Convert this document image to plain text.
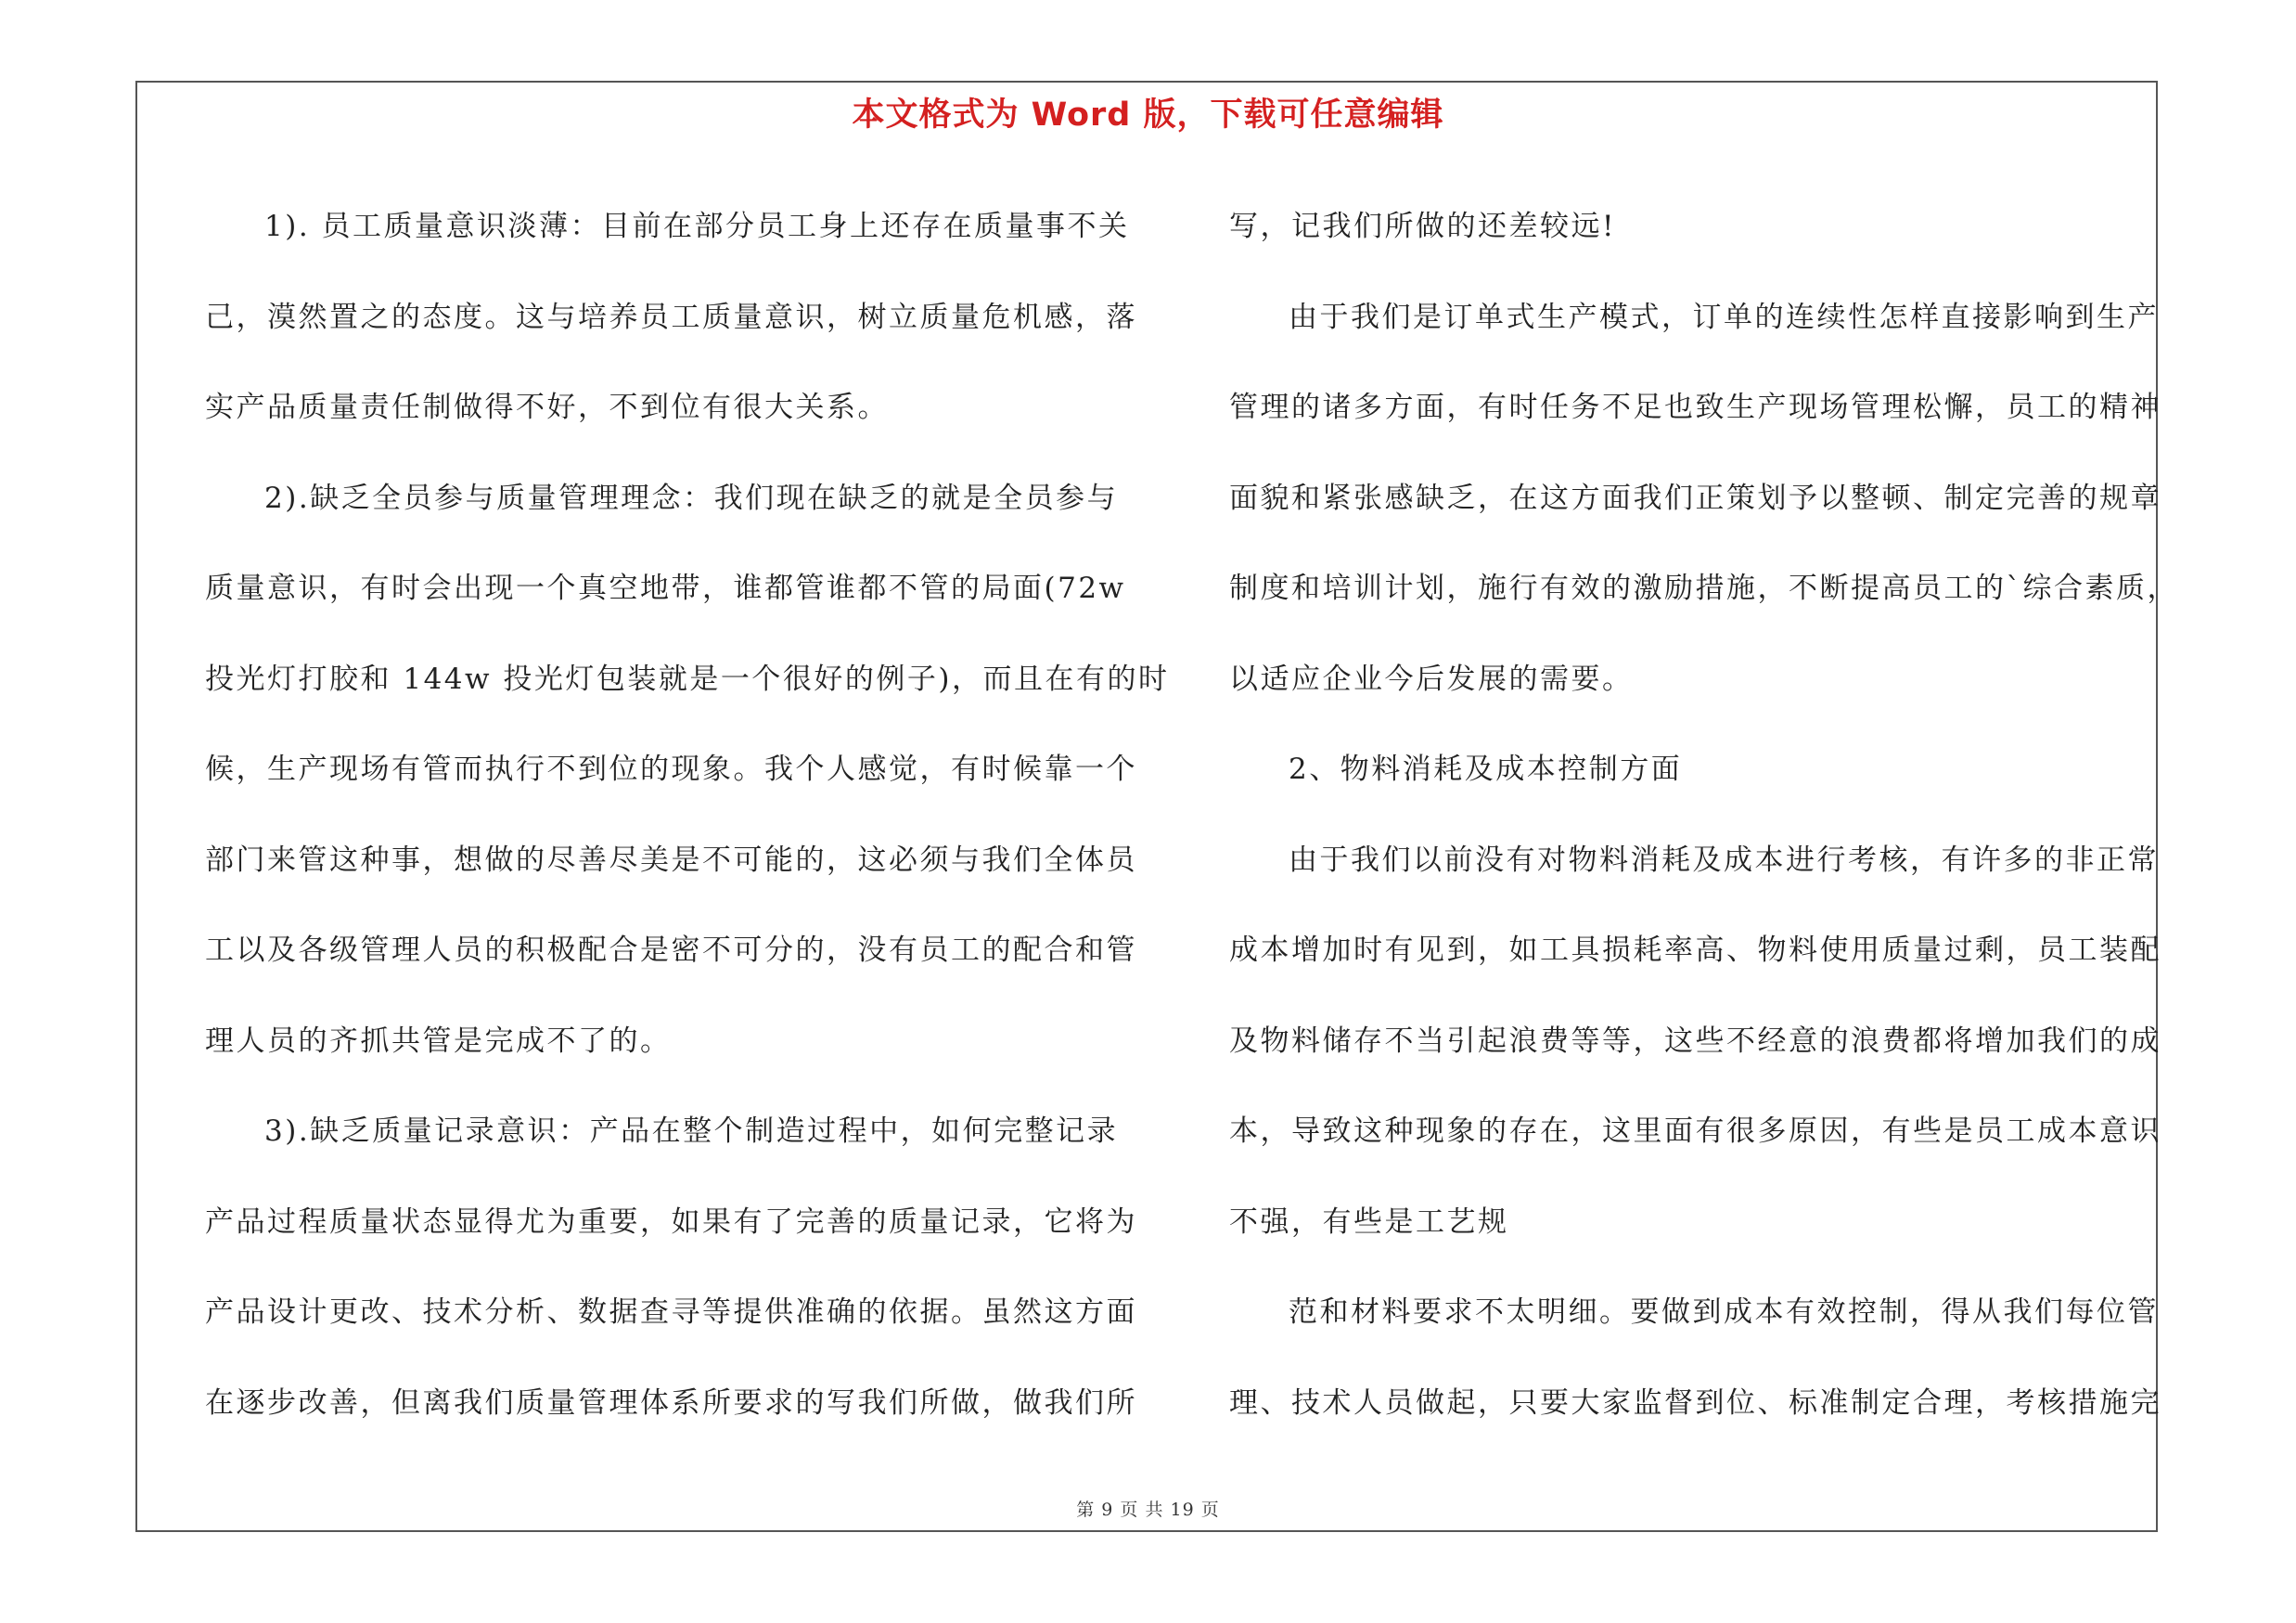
本文格式为 Word 版，下载可任意编辑
1). 员工质量意识淡薄：目前在部分员工身上还存在质量事不关
己，漠然置之的态度。这与培养员工质量意识，树立质量危机感，落
实产品质量责任制做得不好，不到位有很大关系。
2).缺乏全员参与质量管理理念：我们现在缺乏的就是全员参与
质量意识，有时会出现一个真空地带，谁都管谁都不管的局面(72w
投光灯打胶和 144w 投光灯包装就是一个很好的例子)，而且在有的时
候，生产现场有管而执行不到位的现象。我个人感觉，有时候靠一个
部门来管这种事，想做的尽善尽美是不可能的，这必须与我们全体员
工以及各级管理人员的积极配合是密不可分的，没有员工的配合和管
理人员的齐抓共管是完成不了的。
3).缺乏质量记录意识：产品在整个制造过程中，如何完整记录
产品过程质量状态显得尤为重要，如果有了完善的质量记录，它将为
产品设计更改、技术分析、数据查寻等提供准确的依据。虽然这方面
在逐步改善，但离我们质量管理体系所要求的写我们所做，做我们所
写，记我们所做的还差较远!
由于我们是订单式生产模式，订单的连续性怎样直接影响到生产
管理的诸多方面，有时任务不足也致生产现场管理松懈，员工的精神
面貌和紧张感缺乏，在这方面我们正策划予以整顿、制定完善的规章
制度和培训计划，施行有效的激励措施，不断提高员工的`综合素质，
以适应企业今后发展的需要。
2、物料消耗及成本控制方面
由于我们以前没有对物料消耗及成本进行考核，有许多的非正常
成本增加时有见到，如工具损耗率高、物料使用质量过剩，员工装配
及物料储存不当引起浪费等等，这些不经意的浪费都将增加我们的成
本，导致这种现象的存在，这里面有很多原因，有些是员工成本意识
不强，有些是工艺规
范和材料要求不太明细。要做到成本有效控制，得从我们每位管
理、技术人员做起，只要大家监督到位、标准制定合理，考核措施完
第 9 页 共 19 页
